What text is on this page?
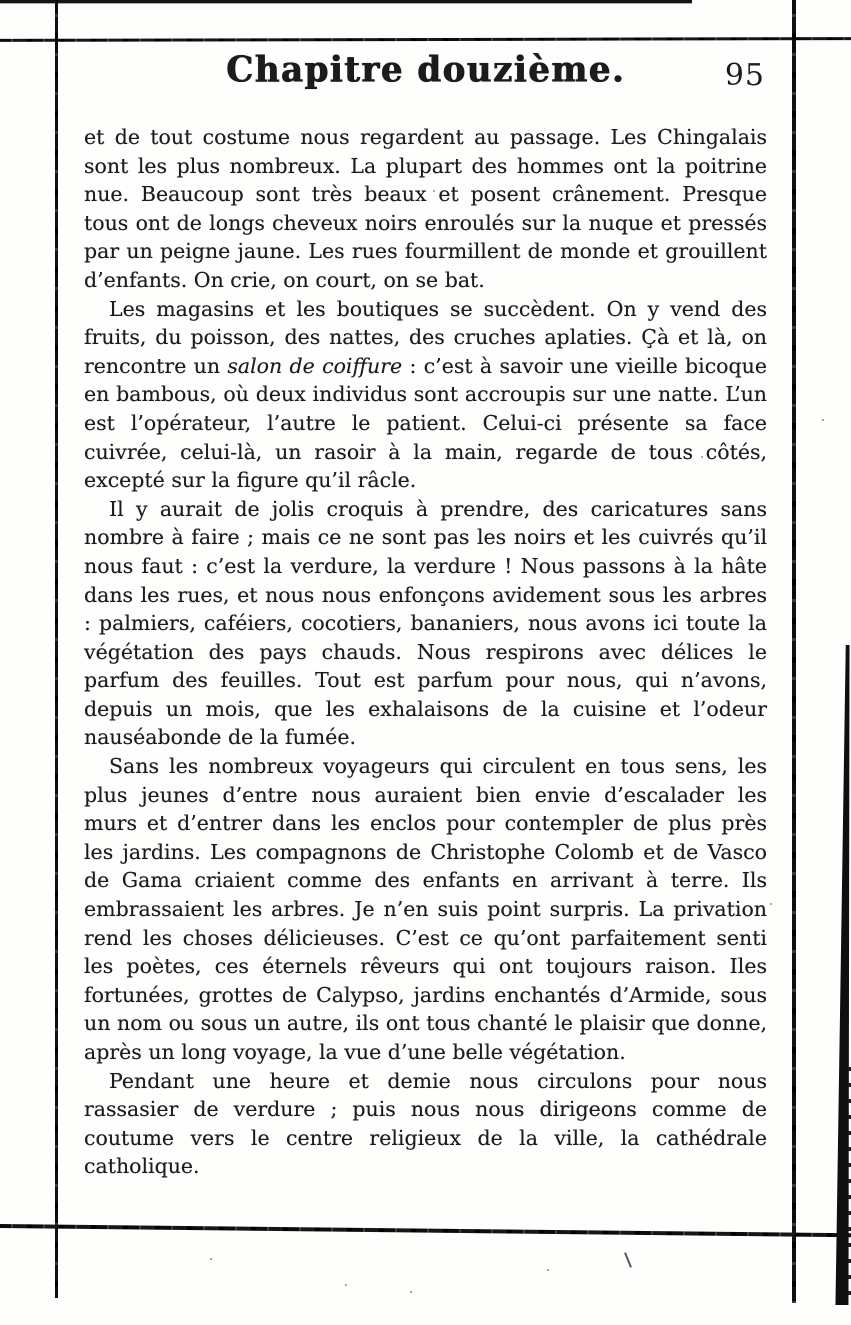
Chapitre douzième.	95

et de tout costume nous regardent au passage. Les Chingalais sont les plus nombreux. La plupart des hommes ont la poitrine nue. Beaucoup sont très beaux et posent crânement. Presque tous ont de longs cheveux noirs enroulés sur la nuque et pressés par un peigne jaune. Les rues fourmillent de monde et grouillent d’enfants. On crie, on court, on se bat.

Les magasins et les boutiques se succèdent. On y vend des fruits, du poisson, des nattes, des cruches aplaties. Çà et là, on rencontre un salon de coiffure : c’est à savoir une vieille bicoque en bambous, où deux individus sont accroupis sur une natte. L’un est l’opérateur, l’autre le patient. Celui-ci présente sa face cuivrée, celui-là, un rasoir à la main, regarde de tous côtés, excepté sur la figure qu’il râcle.

Il y aurait de jolis croquis à prendre, des caricatures sans nombre à faire ; mais ce ne sont pas les noirs et les cuivrés qu’il nous faut : c’est la verdure, la verdure ! Nous passons à la hâte dans les rues, et nous nous enfonçons avidement sous les arbres : palmiers, caféiers, cocotiers, bananiers, nous avons ici toute la végétation des pays chauds. Nous respirons avec délices le parfum des feuilles. Tout est parfum pour nous, qui n’avons, depuis un mois, que les exhalaisons de la cuisine et l’odeur nauséabonde de la fumée.

Sans les nombreux voyageurs qui circulent en tous sens, les plus jeunes d’entre nous auraient bien envie d’escalader les murs et d’entrer dans les enclos pour contempler de plus près les jardins. Les compagnons de Christophe Colomb et de Vasco de Gama criaient comme des enfants en arrivant à terre. Ils embrassaient les arbres. Je n’en suis point surpris. La privation rend les choses délicieuses. C’est ce qu’ont parfaitement senti les poètes, ces éternels rêveurs qui ont toujours raison. Iles fortunées, grottes de Calypso, jardins enchantés d’Armide, sous un nom ou sous un autre, ils ont tous chanté le plaisir que donne, après un long voyage, la vue d’une belle végétation.

Pendant une heure et demie nous circulons pour nous rassasier de verdure ; puis nous nous dirigeons comme de coutume vers le centre religieux de la ville, la cathédrale catholique.
